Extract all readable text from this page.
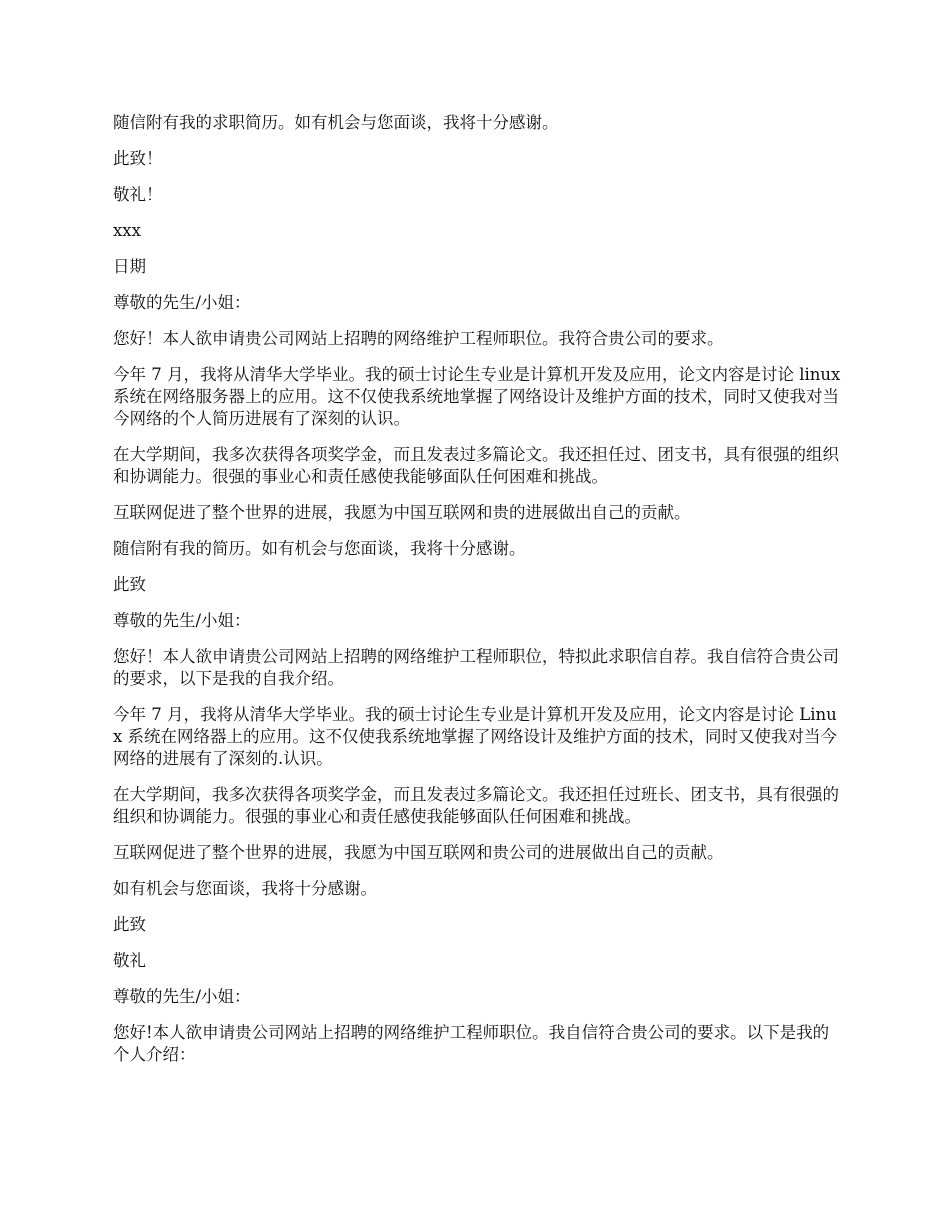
随信附有我的求职简历。如有机会与您面谈，我将十分感谢。

此致！

敬礼！

xxx

日期

尊敬的先生/小姐：

您好！本人欲申请贵公司网站上招聘的网络维护工程师职位。我符合贵公司的要求。

今年 7 月，我将从清华大学毕业。我的硕士讨论生专业是计算机开发及应用，论文内容是讨论 linux 系统在网络服务器上的应用。这不仅使我系统地掌握了网络设计及维护方面的技术，同时又使我对当今网络的个人简历进展有了深刻的认识。

在大学期间，我多次获得各项奖学金，而且发表过多篇论文。我还担任过、团支书，具有很强的组织和协调能力。很强的事业心和责任感使我能够面队任何困难和挑战。

互联网促进了整个世界的进展，我愿为中国互联网和贵的进展做出自己的贡献。

随信附有我的简历。如有机会与您面谈，我将十分感谢。

此致

尊敬的先生/小姐：

您好！本人欲申请贵公司网站上招聘的网络维护工程师职位，特拟此求职信自荐。我自信符合贵公司的要求，以下是我的自我介绍。

今年 7 月，我将从清华大学毕业。我的硕士讨论生专业是计算机开发及应用，论文内容是讨论 Linux 系统在网络器上的应用。这不仅使我系统地掌握了网络设计及维护方面的技术，同时又使我对当今网络的进展有了深刻的.认识。

在大学期间，我多次获得各项奖学金，而且发表过多篇论文。我还担任过班长、团支书，具有很强的组织和协调能力。很强的事业心和责任感使我能够面队任何困难和挑战。

互联网促进了整个世界的进展，我愿为中国互联网和贵公司的进展做出自己的贡献。

如有机会与您面谈，我将十分感谢。

此致

敬礼

尊敬的先生/小姐：

您好!本人欲申请贵公司网站上招聘的网络维护工程师职位。我自信符合贵公司的要求。以下是我的个人介绍：
